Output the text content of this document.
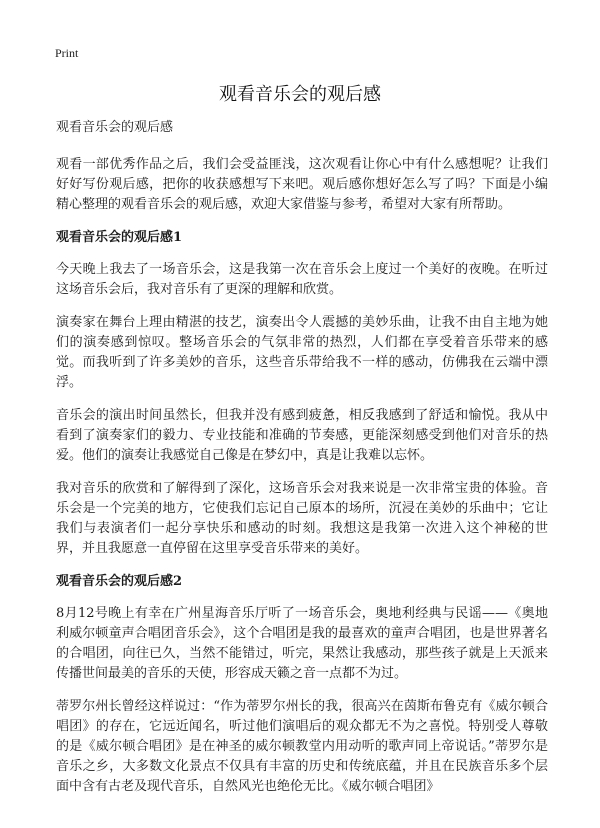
Print
观看音乐会的观后感
观看音乐会的观后感

观看一部优秀作品之后，我们会受益匪浅，这次观看让你心中有什么感想呢？让我们好好写份观后感，把你的收获感想写下来吧。观后感你想好怎么写了吗？下面是小编精心整理的观看音乐会的观后感，欢迎大家借鉴与参考，希望对大家有所帮助。

观看音乐会的观后感1

今天晚上我去了一场音乐会，这是我第一次在音乐会上度过一个美好的夜晚。在听过这场音乐会后，我对音乐有了更深的理解和欣赏。

演奏家在舞台上理由精湛的技艺，演奏出令人震撼的美妙乐曲，让我不由自主地为她们的演奏感到惊叹。整场音乐会的气氛非常的热烈，人们都在享受着音乐带来的感觉。而我听到了许多美妙的音乐，这些音乐带给我不一样的感动，仿佛我在云端中漂浮。

音乐会的演出时间虽然长，但我并没有感到疲惫，相反我感到了舒适和愉悦。我从中看到了演奏家们的毅力、专业技能和准确的节奏感，更能深刻感受到他们对音乐的热爱。他们的演奏让我感觉自己像是在梦幻中，真是让我难以忘怀。

我对音乐的欣赏和了解得到了深化，这场音乐会对我来说是一次非常宝贵的体验。音乐会是一个完美的地方，它使我们忘记自己原本的场所，沉浸在美妙的乐曲中；它让我们与表演者们一起分享快乐和感动的时刻。我想这是我第一次进入这个神秘的世界，并且我愿意一直停留在这里享受音乐带来的美好。

观看音乐会的观后感2

8月12号晚上有幸在广州星海音乐厅听了一场音乐会，奥地利经典与民谣——《奥地利威尔顿童声合唱团音乐会》，这个合唱团是我的最喜欢的童声合唱团，也是世界著名的合唱团，向往已久，当然不能错过，听完，果然让我感动，那些孩子就是上天派来传播世间最美的音乐的天使，形容成天籁之音一点都不为过。

蒂罗尔州长曾经这样说过：“作为蒂罗尔州长的我，很高兴在茵斯布鲁克有《威尔顿合唱团》的存在，它远近闻名，听过他们演唱后的观众都无不为之喜悦。特别受人尊敬的是《威尔顿合唱团》是在神圣的威尔顿教堂内用动听的歌声同上帝说话。”蒂罗尔是音乐之乡，大多数文化景点不仅具有丰富的历史和传统底蕴，并且在民族音乐多个层面中含有古老及现代音乐，自然风光也绝伦无比。《威尔顿合唱团》
